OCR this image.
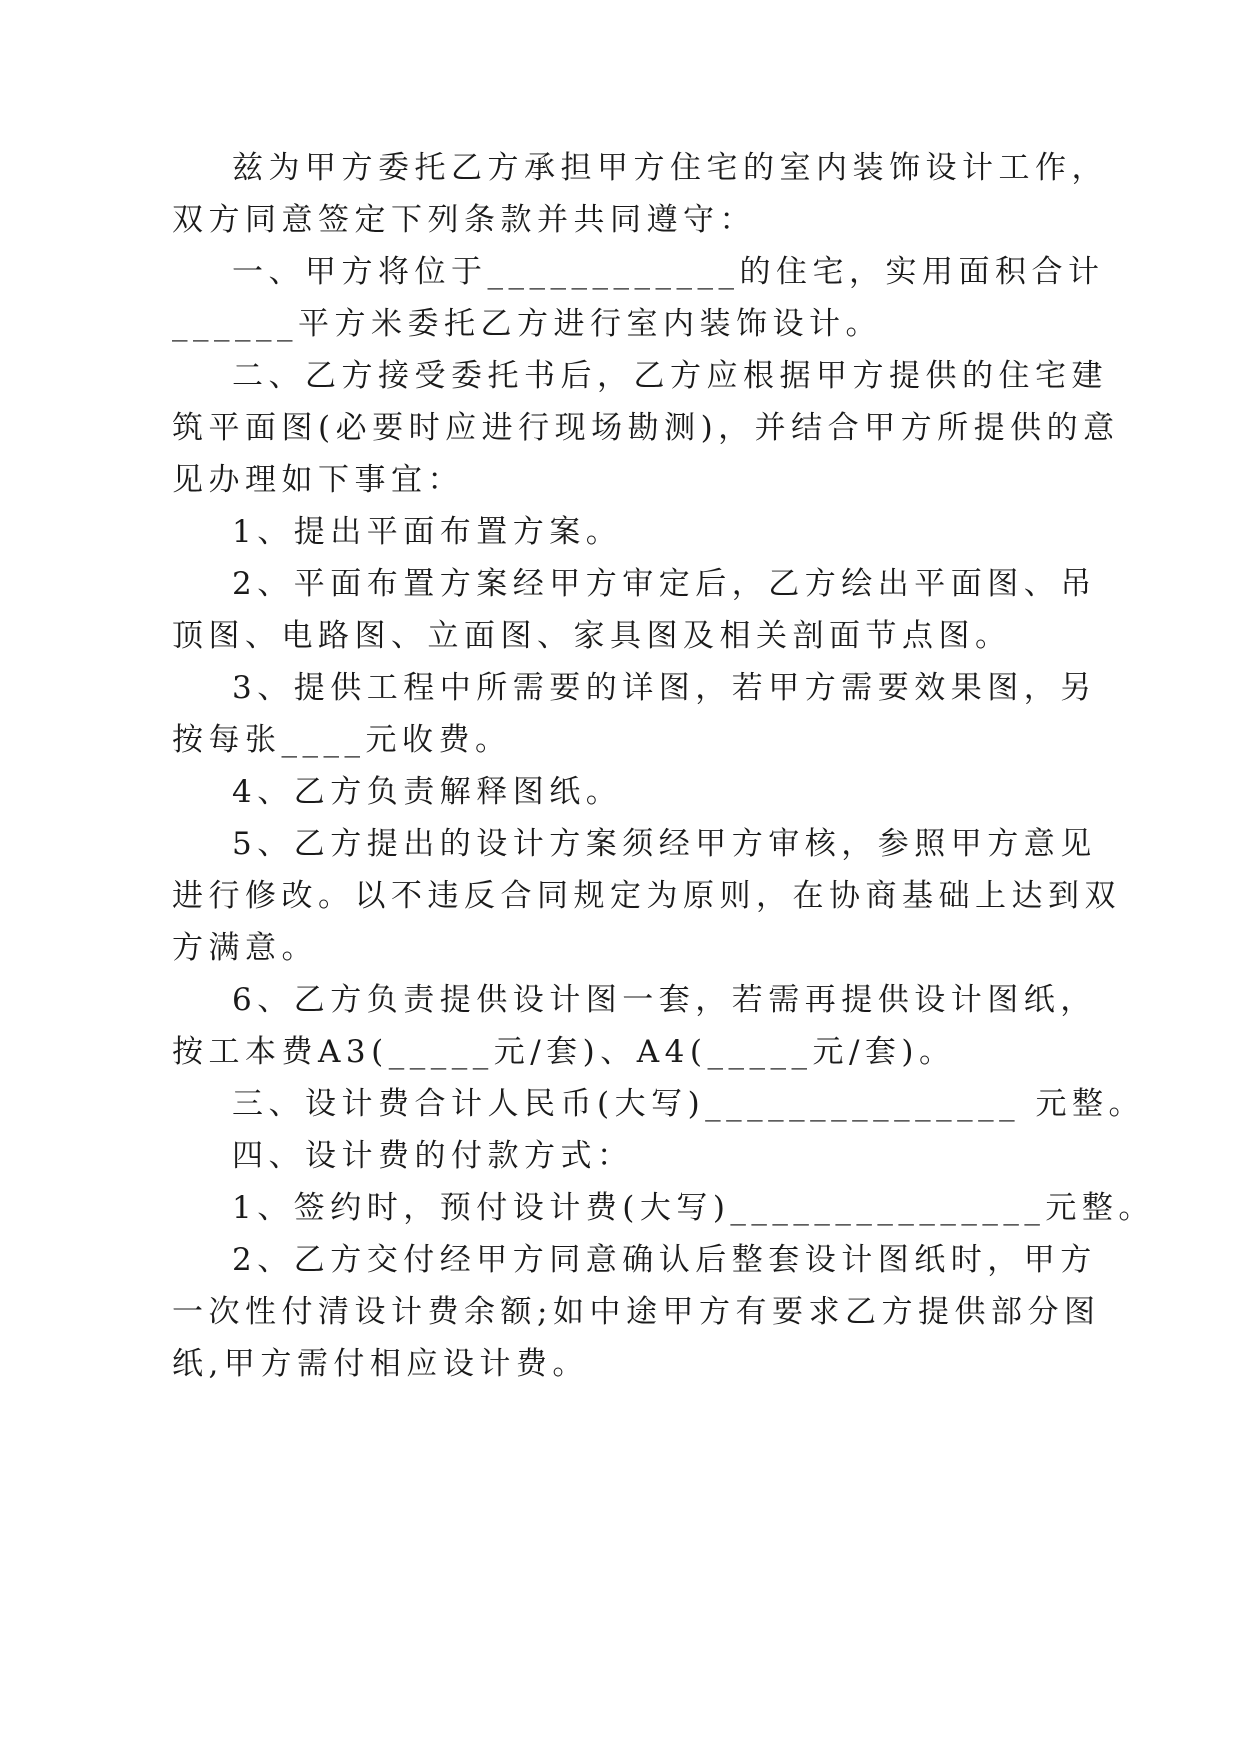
兹为甲方委托乙方承担甲方住宅的室内装饰设计工作，
双方同意签定下列条款并共同遵守：
一、甲方将位于____________的住宅，实用面积合计
______平方米委托乙方进行室内装饰设计。
二、乙方接受委托书后，乙方应根据甲方提供的住宅建
筑平面图(必要时应进行现场勘测)，并结合甲方所提供的意
见办理如下事宜：
1、提出平面布置方案。
2、平面布置方案经甲方审定后，乙方绘出平面图、吊
顶图、电路图、立面图、家具图及相关剖面节点图。
3、提供工程中所需要的详图，若甲方需要效果图，另
按每张____元收费。
4、乙方负责解释图纸。
5、乙方提出的设计方案须经甲方审核，参照甲方意见
进行修改。以不违反合同规定为原则，在协商基础上达到双
方满意。
6、乙方负责提供设计图一套，若需再提供设计图纸，
按工本费A3(_____元/套)、A4(_____元/套)。
三、设计费合计人民币(大写)_______________ 元整。
四、设计费的付款方式：
1、签约时，预付设计费(大写)_______________元整。
2、乙方交付经甲方同意确认后整套设计图纸时，甲方
一次性付清设计费余额;如中途甲方有要求乙方提供部分图
纸,甲方需付相应设计费。
